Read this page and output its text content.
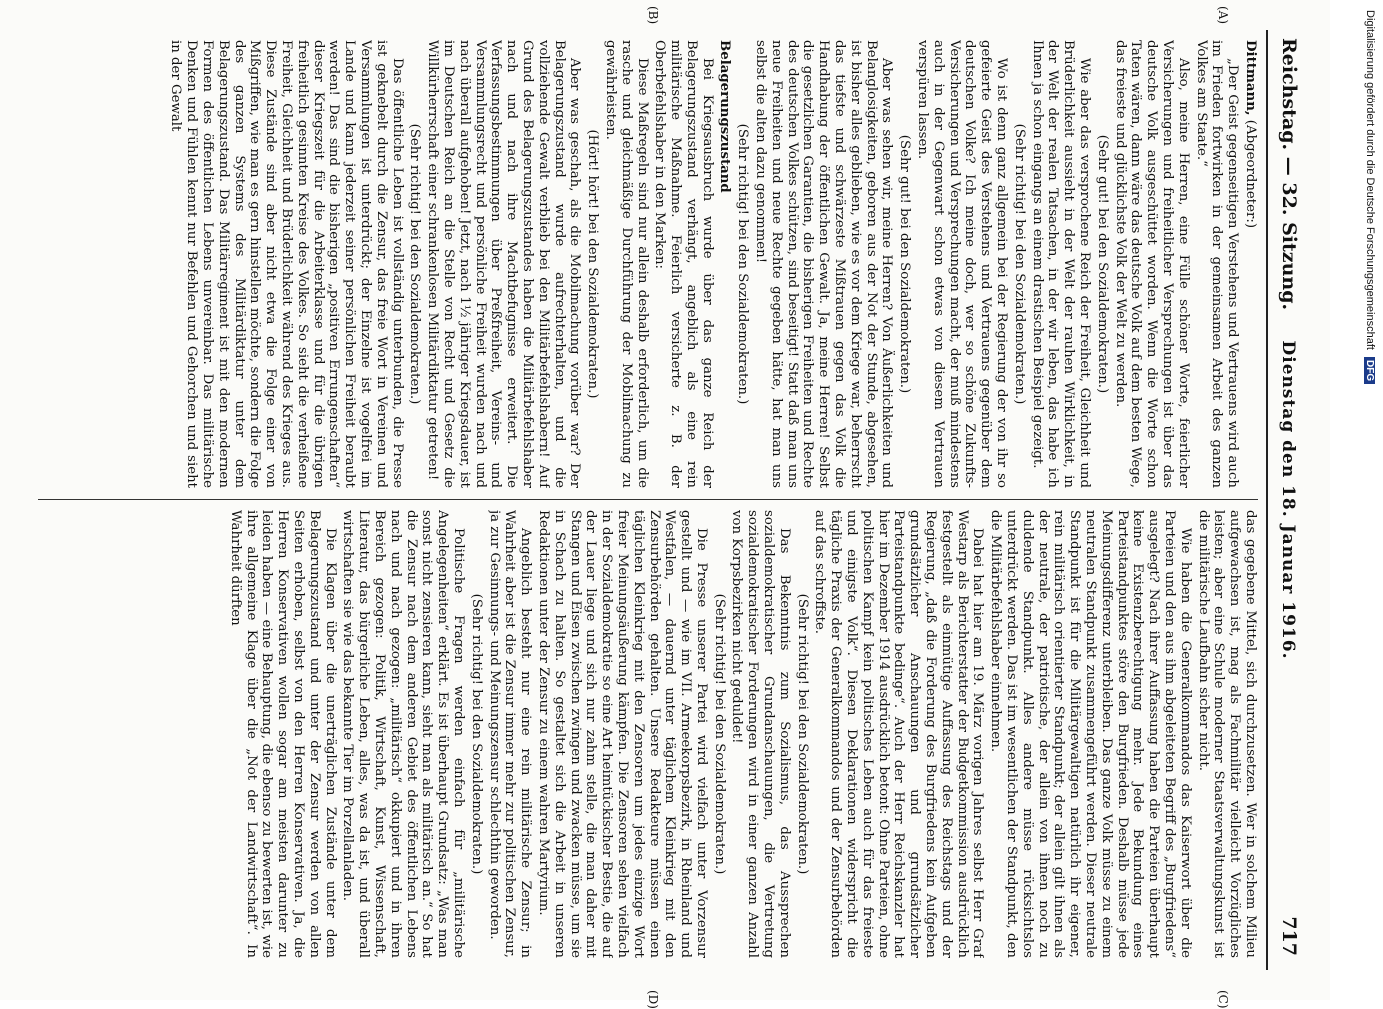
Reichstag. — 32. Sitzung.
Dienstag den 18. Januar 1916.
717
(A)
(B)
(C)
(D)

Dittmann, (Abgeordneter:)

„Der Geist gegenseitigen Verstehens und Vertrauens wird auch im Frieden fortwirken in der gemeinsamen Arbeit des ganzen Volkes am Staate.“

Also, meine Herren, eine Fülle schöner Worte, feierlicher Versicherungen und freiheitlicher Versprechungen ist über das deutsche Volk ausgeschüttet worden. Wenn die Worte schon Taten wären, dann wäre das deutsche Volk auf dem besten Wege, das freieste und glücklichste Volk der Welt zu werden.

(Sehr gut! bei den Sozialdemokraten.)

Wie aber das versprochene Reich der Freiheit, Gleichheit und Brüderlichkeit aussieht in der Welt der rauhen Wirklichkeit, in der Welt der realen Tatsachen, in der wir leben, das habe ich Ihnen ja schon eingangs an einem drastischen Beispiel gezeigt.

(Sehr richtig! bei den Sozialdemokraten.)

Wo ist denn ganz allgemein bei der Regierung der von ihr so gefeierte Geist des Verstehens und Vertrauens gegenüber dem deutschen Volke? Ich meine doch, wer so schöne Zukunfts-Versicherungen und Versprechungen macht, der muß mindestens auch in der Gegenwart schon etwas von diesem Vertrauen verspüren lassen.

(Sehr gut! bei den Sozialdemokraten.)

Aber was sehen wir, meine Herren? Von Äußerlichkeiten und Belanglosigkeiten, geboren aus der Not der Stunde, abgesehen, ist bisher alles geblieben, wie es vor dem Kriege war, beherrscht das tiefste und schwärzeste Mißtrauen gegen das Volk die Handhabung der öffentlichen Gewalt. Ja, meine Herren! Selbst die gesetzlichen Garantien, die bisherigen Freiheiten und Rechte des deutschen Volkes schützen, sind beseitigt! Statt daß man uns neue Freiheiten und neue Rechte gegeben hätte, hat man uns selbst die alten dazu genommen!

(Sehr richtig! bei den Sozialdemokraten.)

Belagerungszustand

Bei Kriegsausbruch wurde über das ganze Reich der Belagerungszustand verhängt, angeblich als eine rein militärische Maßnahme. Feierlich versicherte z. B. der Oberbefehlshaber in den Marken:

Diese Maßregeln sind nur allein deshalb erforderlich, um die rasche und gleichmäßige Durchführung der Mobilmachung zu gewährleisten.

(Hört! hört! bei den Sozialdemokraten.)

Aber was geschah, als die Mobilmachung vorüber war? Der Belagerungszustand wurde aufrechterhalten, und die vollziehende Gewalt verblieb bei den Militärbefehlshabern! Auf Grund des Belagerungszustandes haben die Militärbefehlshaber nach und nach ihre Machtbefugnisse erweitert. Die Verfassungsbestimmungen über Preßfreiheit, Vereins- und Versammlungsrecht und persönliche Freiheit wurden nach und nach überall aufgehoben! Jetzt, nach 1½ jähriger Kriegsdauer, ist im Deutschen Reich an die Stelle von Recht und Gesetz die Willkürherrschaft einer schrankenlosen Militärdiktatur getreten!

(Sehr richtig! bei den Sozialdemokraten.)

Das öffentliche Leben ist vollständig unterbunden, die Presse ist geknebelt durch die Zensur, das freie Wort in Vereinen und Versammlungen ist unterdrückt; der Einzelne ist vogelfrei im Lande und kann jederzeit seiner persönlichen Freiheit beraubt werden! Das sind die bisherigen „positiven Errungenschaften“ dieser Kriegszeit für die Arbeiterklasse und für die übrigen freiheitlich gesinnten Kreise des Volkes. So sieht die verheißene Freiheit, Gleichheit und Brüderlichkeit während des Krieges aus. Diese Zustände sind aber nicht etwa die Folge einer von Mißgriffen, wie man es gern hinstellen möchte, sondern die Folge des ganzen Systems des Militärdiktatur unter dem Belagerungszustand. Das Militärregiment ist mit den modernen Formen des öffentlichen Lebens unvereinbar. Das militärische Denken und Fühlen kennt nur Befehlen und Gehorchen und sieht in der Gewalt

das gegebene Mittel, sich durchzusetzen. Wer in solchem Milieu aufgewachsen ist, mag als Fachmilitär vielleicht Vorzügliches leisten; aber eine Schule moderner Staatsverwaltungskunst ist die militärische Laufbahn sicher nicht.

Wie haben die Generalkommandos das Kaiserwort über die Parteien und den aus ihm abgeleiteten Begriff des „Burgfriedens“ ausgelegt? Nach ihrer Auffassung haben die Parteien überhaupt keine Existenzberechtigung mehr. Jede Bekundung eines Parteistandpunktes störe den Burgfrieden. Deshalb müsse jede Meinungsdifferenz unterbleiben. Das ganze Volk müsse zu einem neutralen Standpunkt zusammengeführt werden. Dieser neutrale Standpunkt ist für die Militärgewaltigen natürlich ihr eigener, rein militärisch orientierter Standpunkt; der allein gilt ihnen als der neutrale, der patriotische, der allein von ihnen noch zu duldende Standpunkt. Alles andere müsse rücksichtslos unterdrückt werden. Das ist im wesentlichen der Standpunkt, den die Militärbefehlshaber einnehmen.

Dabei hat hier am 19. März vorigen Jahres selbst Herr Graf Westarp als Berichterstatter der Budgetkommission ausdrücklich festgestellt als einmütige Auffassung des Reichstags und der Regierung, „daß die Forderung des Burgfriedens kein Aufgeben grundsätzlicher Anschauungen und grundsätzlicher Parteistandpunkte bedinge“. Auch der Herr Reichskanzler hat hier im Dezember 1914 ausdrücklich betont: Ohne Parteien, ohne politischen Kampf kein politisches Leben auch für das freieste und einigste Volk“. Diesen Deklarationen widerspricht die tägliche Praxis der Generalkommandos und der Zensurbehörden auf das schroffste.

(Sehr richtig! bei den Sozialdemokraten.)

Das Bekenntnis zum Sozialismus, das Aussprechen sozialdemokratischer Grundanschauungen, die Vertretung sozialdemokratischer Forderungen wird in einer ganzen Anzahl von Korpsbezirken nicht geduldet!

(Sehr richtig! bei den Sozialdemokraten.)

Die Presse unserer Partei wird vielfach unter Vorzensur gestellt und — wie im VII. Armeekorpsbezirk, in Rheinland und Westfalen, — dauernd unter täglichem Kleinkrieg mit den Zensurbehörden gehalten. Unsere Redakteure müssen einen täglichen Kleinkrieg mit den Zensoren um jedes einzige Wort freier Meinungsäußerung kämpfen. Die Zensoren sehen vielfach in der Sozialdemokratie so eine Art heimtückischer Bestie, die auf der Lauer liege und sich nur zahm stelle, die man daher mit Stangen und Eisen zwischen zwingen und zwacken müsse, um sie in Schach zu halten. So gestaltet sich die Arbeit in unseren Redaktionen unter der Zensur zu einem wahren Martyrium.

Angeblich besteht nur eine rein militärische Zensur; in Wahrheit aber ist die Zensur immer mehr zur politischen Zensur, ja zur Gesinnungs- und Meinungszensur schlechthin geworden.

(Sehr richtig! bei den Sozialdemokraten.)

Politische Fragen werden einfach für „militärische Angelegenheiten“ erklärt. Es ist überhaupt Grundsatz: „Was man sonst nicht zensieren kann, sieht man als militärisch an.“ So hat die Zensur nach dem anderen Gebiet des öffentlichen Lebens nach und nach gezogen: „militärisch“ okkupiert und in ihren Bereich gezogen: Politik, Wirtschaft, Kunst, Wissenschaft, Literatur, das bürgerliche Leben, alles, was da ist, und überall wirtschaften sie wie das bekannte Tier im Porzellanladen.

Die Klagen über die unerträglichen Zustände unter dem Belagerungszustand und unter der Zensur werden von allen Seiten erhoben, selbst von den Herren Konservativen. Ja, die Herren Konservativen wollen sogar am meisten darunter zu leiden haben — eine Behauptung, die ebenso zu bewerten ist, wie ihre allgemeine Klage über die „Not der Landwirtschaft“. In Wahrheit dürften

Digitalisierung gefördert durch die Deutsche Forschungsgemeinschaft DFG
